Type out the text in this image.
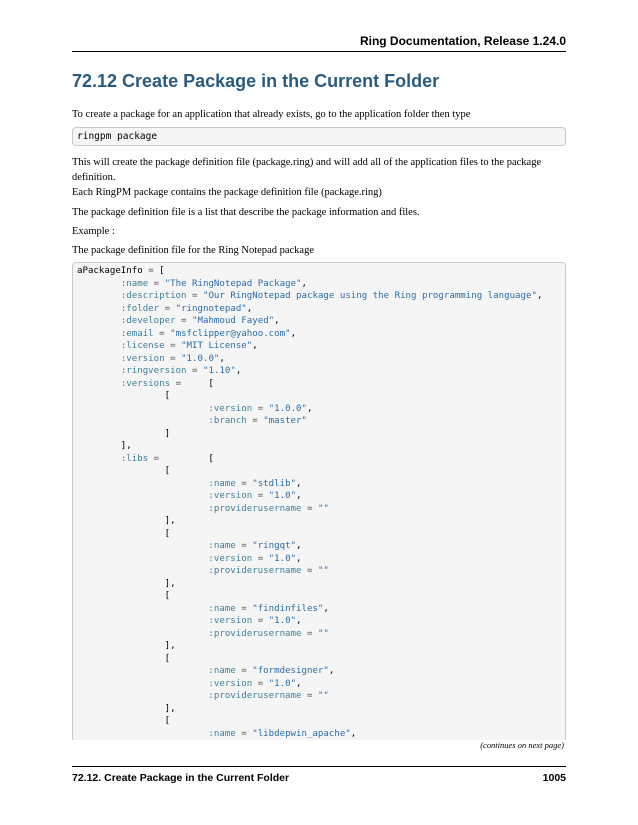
Ring Documentation, Release 1.24.0
72.12 Create Package in the Current Folder

To create a package for an application that already exists, go to the application folder then type

ringpm package

This will create the package definition file (package.ring) and will add all of the application files to the package definition.

Each RingPM package contains the package definition file (package.ring)

The package definition file is a list that describe the package information and files.

Example :

The package definition file for the Ring Notepad package

aPackageInfo = [
:name = "The RingNotepad Package",
:description = "Our RingNotepad package using the Ring programming language",
:folder = "ringnotepad",
:developer = "Mahmoud Fayed",
:email = "msfclipper@yahoo.com",
:license = "MIT License",
:version = "1.0.0",
:ringversion = "1.10",
:versions =     [
[
:version = "1.0.0",
:branch = "master"
]
],
:libs =         [
[
:name = "stdlib",
:version = "1.0",
:providerusername = ""
],
[
:name = "ringqt",
:version = "1.0",
:providerusername = ""
],
[
:name = "findinfiles",
:version = "1.0",
:providerusername = ""
],
[
:name = "formdesigner",
:version = "1.0",
:providerusername = ""
],
[
:name = "libdepwin_apache",
(continues on next page)
72.12. Create Package in the Current Folder	1005
